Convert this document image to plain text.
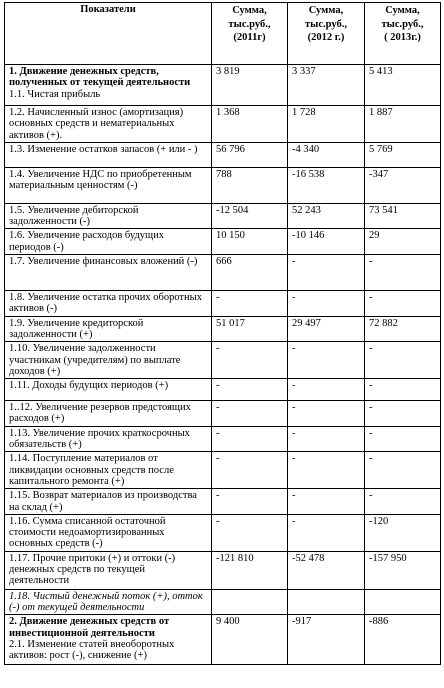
Показатели	Сумма,
тыс.руб.,
(2011г)	Сумма,
тыс.руб.,
(2012 г.)	Сумма,
тыс.руб.,
( 2013г.)

1. Движение денежных средств, полученных от текущей деятельности
1.1. Чистая прибыль	3 819	3 337	5 413

1.2. Начисленный износ (амортизация) основных средств и нематериальных активов (+).	1 368	1 728	1 887

1.3. Изменение остатков запасов (+ или - )	56 796	-4 340	5 769

1.4. Увеличение НДС по приобретенным материальным ценностям (-)	788	-16 538	-347

1.5. Увеличение дебиторской задолженности (-)	-12 504	52 243	73 541

1.6. Увеличение расходов будущих периодов (-)	10 150	-10 146	29

1.7. Увеличение финансовых вложений (-)	666	-	-

1.8. Увеличение остатка прочих оборотных активов (-)	-	-	-

1.9. Увеличение кредиторской задолженности (+)	51 017	29 497	72 882

1.10. Увеличение задолженности участникам (учредителям) по выплате доходов (+)	-	-	-

1.11. Доходы будущих периодов (+)	-	-	-

1..12. Увеличение резервов предстоящих расходов (+)	-	-	-

1.13. Увеличение прочих краткосрочных обязательств (+)	-	-	-

1.14. Поступление материалов от ликвидации основных средств после капитального ремонта (+)	-	-	-

1.15. Возврат материалов из производства на склад (+)	-	-	-

1.16. Сумма списанной остаточной стоимости недоамортизированных основных средств (-)	-	-	-120

1.17. Прочие притоки (+) и оттоки (-) денежных средств по текущей деятельности	-121 810	-52 478	-157 950

1.18. Чистый денежный поток (+), отток (-) от текущей деятельности			

2. Движение денежных средств от инвестиционной деятельности
2.1. Изменение статей внеоборотных активов: рост (-), снижение (+)	9 400	-917	-886
